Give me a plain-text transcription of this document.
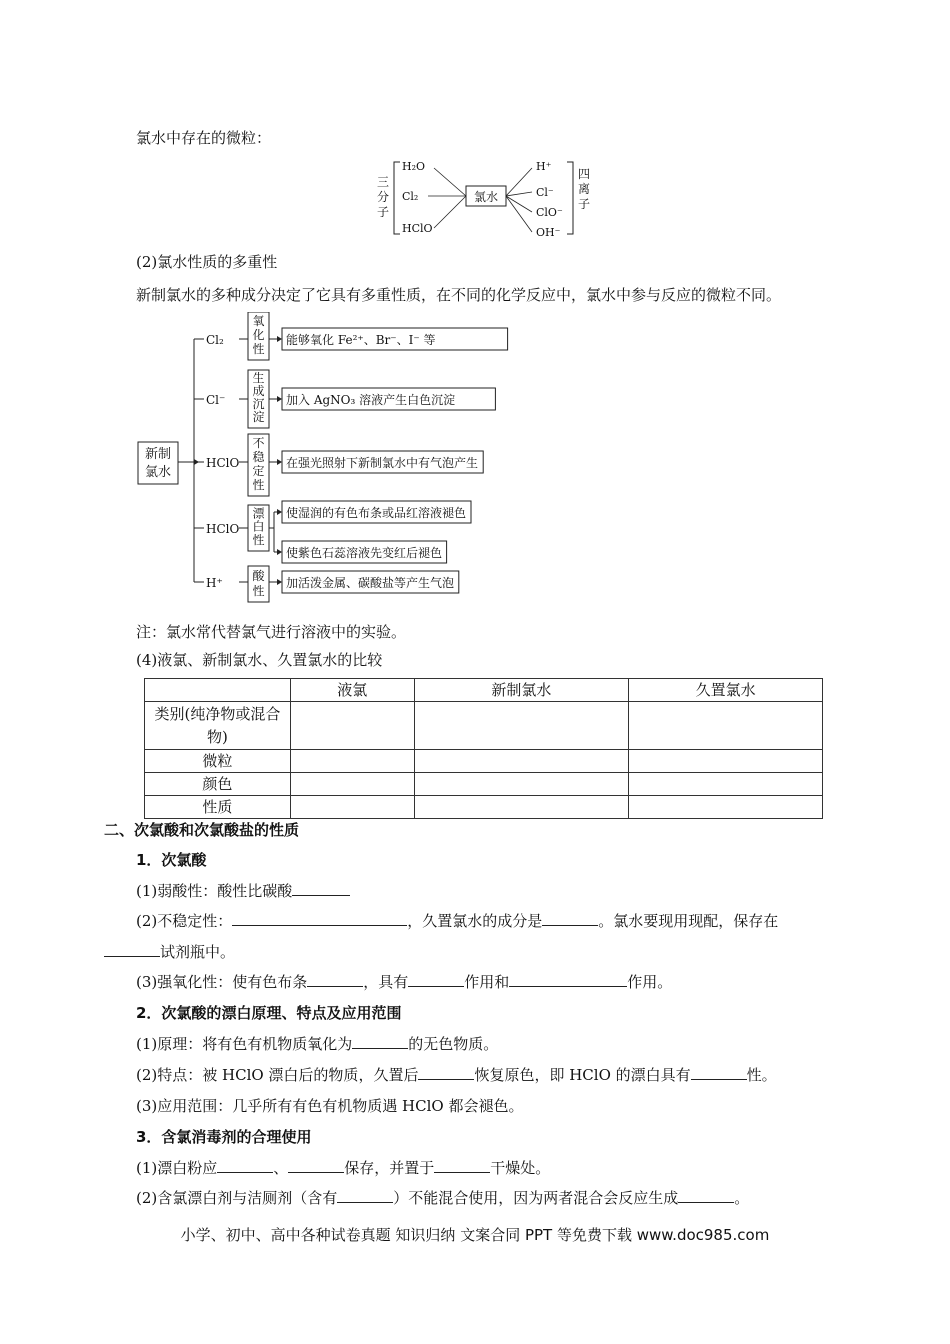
氯水中存在的微粒：
三
分
子
H₂O
Cl₂
HClO
氯水
H⁺
Cl⁻
ClO⁻
OH⁻
四
离
子
(2)氯水性质的多重性
新制氯水的多种成分决定了它具有多重性质，在不同的化学反应中，氯水中参与反应的微粒不同。
新制
氯水
Cl₂
氧
化
性
能够氧化 Fe²⁺、Br⁻、I⁻ 等
Cl⁻
生
成
沉
淀
加入 AgNO₃ 溶液产生白色沉淀
HClO
不
稳
定
性
在强光照射下新制氯水中有气泡产生
HClO
漂
白
性
使湿润的有色布条或品红溶液褪色
使紫色石蕊溶液先变红后褪色
H⁺ 酸
性
加活泼金属、碳酸盐等产生气泡
注：氯水常代替氯气进行溶液中的实验。
(4)液氯、新制氯水、久置氯水的比较
	液氯	新制氯水	久置氯水
类别(纯净物或混合物)			
微粒			
颜色			
性质			
二、次氯酸和次氯酸盐的性质
1．次氯酸
(1)弱酸性：酸性比碳酸
(2)不稳定性：	，久置氯水的成分是	。氯水要现用现配，保存在
试剂瓶中。
(3)强氧化性：使有色布条	，具有	作用和	作用。
2．次氯酸的漂白原理、特点及应用范围
(1)原理：将有色有机物质氧化为	的无色物质。
(2)特点：被 HClO 漂白后的物质，久置后	恢复原色，即 HClO 的漂白具有	性。
(3)应用范围：几乎所有有色有机物质遇 HClO 都会褪色。
3．含氯消毒剂的合理使用
(1)漂白粉应	、	保存，并置于	干燥处。
(2)含氯漂白剂与洁厕剂（含有	）不能混合使用，因为两者混合会反应生成	。
小学、初中、高中各种试卷真题 知识归纳 文案合同 PPT 等免费下载 www.doc985.com
